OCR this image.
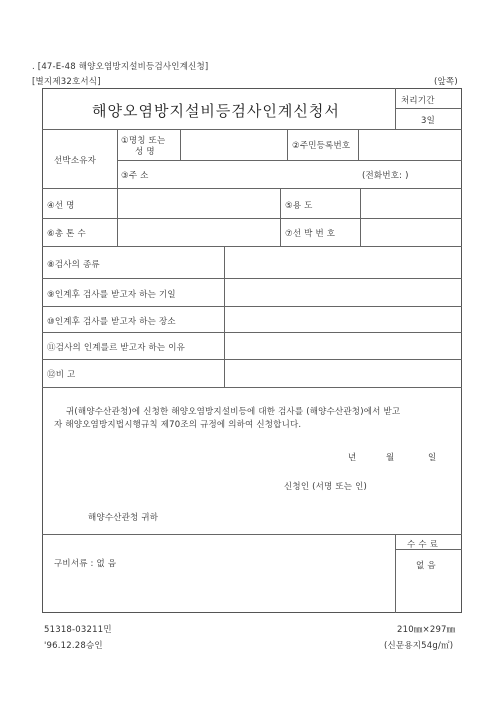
. [47-E-48 해양오염방지설비등검사인계신청]
[별지제32호서식]	(앞쪽)
해양오염방지설비등검사인계신청서
처리기간
3일
선박소유자
①명칭 또는
성 명
②주민등록번호
③주 소	(전화번호: )
④선 명	⑤용 도
⑥총 톤 수	⑦선 박 번 호
⑧검사의 종류
⑨인계후 검사를 받고자 하는 기일
⑩인계후 검사를 받고자 하는 장소
⑪검사의 인계를르 받고자 하는 이유
⑫비 고
귀(해양수산관청)에 신청한 해양오염방지설비등에 대한 검사를 (해양수산관청)에서 받고
자 해양오염방지법시행규칙 제70조의 규정에 의하여 신청합니다.
년	월	일
신청인 (서명 또는 인)
해양수산관청 귀하
구비서류 : 없 음
수 수 료
없 음
51318-03211민
'96.12.28승인
210㎜×297㎜
(신문용지54g/㎡)
